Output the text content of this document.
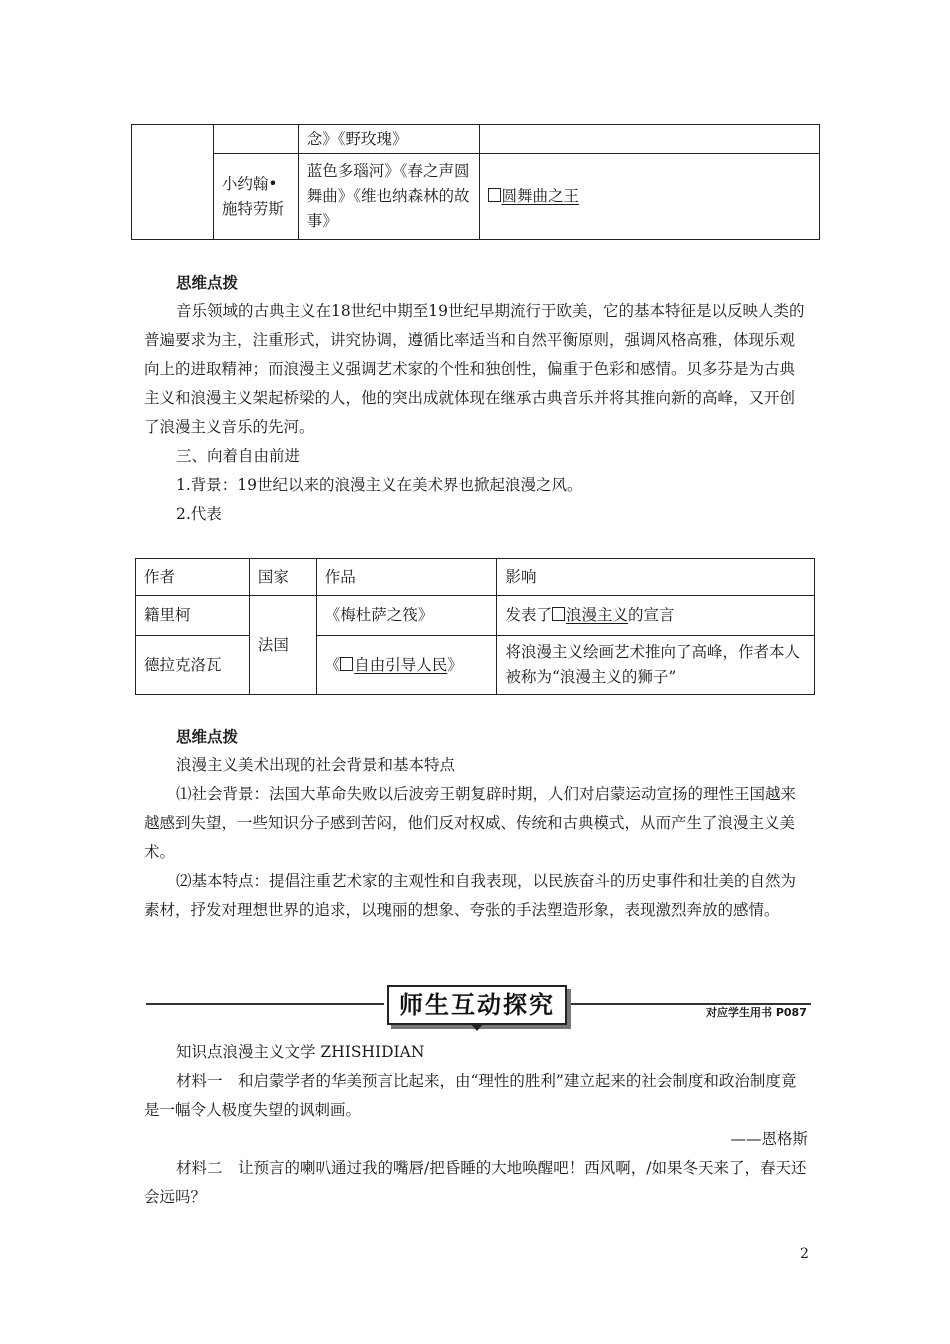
		念》《野玫瑰》	
	小约翰•施特劳斯	蓝色多瑙河》《春之声圆舞曲》《维也纳森林的故事》	圆舞曲之王
思维点拨

音乐领域的古典主义在18世纪中期至19世纪早期流行于欧美，它的基本特征是以反映人类的普遍要求为主，注重形式，讲究协调，遵循比率适当和自然平衡原则，强调风格高雅，体现乐观向上的进取精神；而浪漫主义强调艺术家的个性和独创性，偏重于色彩和感情。贝多芬是为古典主义和浪漫主义架起桥梁的人，他的突出成就体现在继承古典音乐并将其推向新的高峰，又开创了浪漫主义音乐的先河。

三、向着自由前进
1.背景：19世纪以来的浪漫主义在美术界也掀起浪漫之风。
2.代表
作者	国家	作品	影响
籍里柯	法国	《梅杜萨之筏》	发表了 浪漫主义的宣言
德拉克洛瓦		《 自由引导人民》	将浪漫主义绘画艺术推向了高峰，作者本人被称为“浪漫主义的狮子”
思维点拨
浪漫主义美术出现的社会背景和基本特点

⑴社会背景：法国大革命失败以后波旁王朝复辟时期，人们对启蒙运动宣扬的理性王国越来越感到失望，一些知识分子感到苦闷，他们反对权威、传统和古典模式，从而产生了浪漫主义美术。

⑵基本特点：提倡注重艺术家的主观性和自我表现，以民族奋斗的历史事件和壮美的自然为素材，抒发对理想世界的追求，以瑰丽的想象、夸张的手法塑造形象，表现激烈奔放的感情。

师生互动探究	对应学生用书 P087
知识点浪漫主义文学 ZHISHIDIAN

材料一　和启蒙学者的华美预言比起来，由“理性的胜利”建立起来的社会制度和政治制度竟是一幅令人极度失望的讽刺画。

——恩格斯

材料二　让预言的喇叭通过我的嘴唇/把昏睡的大地唤醒吧！西风啊，/如果冬天来了，春天还会远吗？

2
